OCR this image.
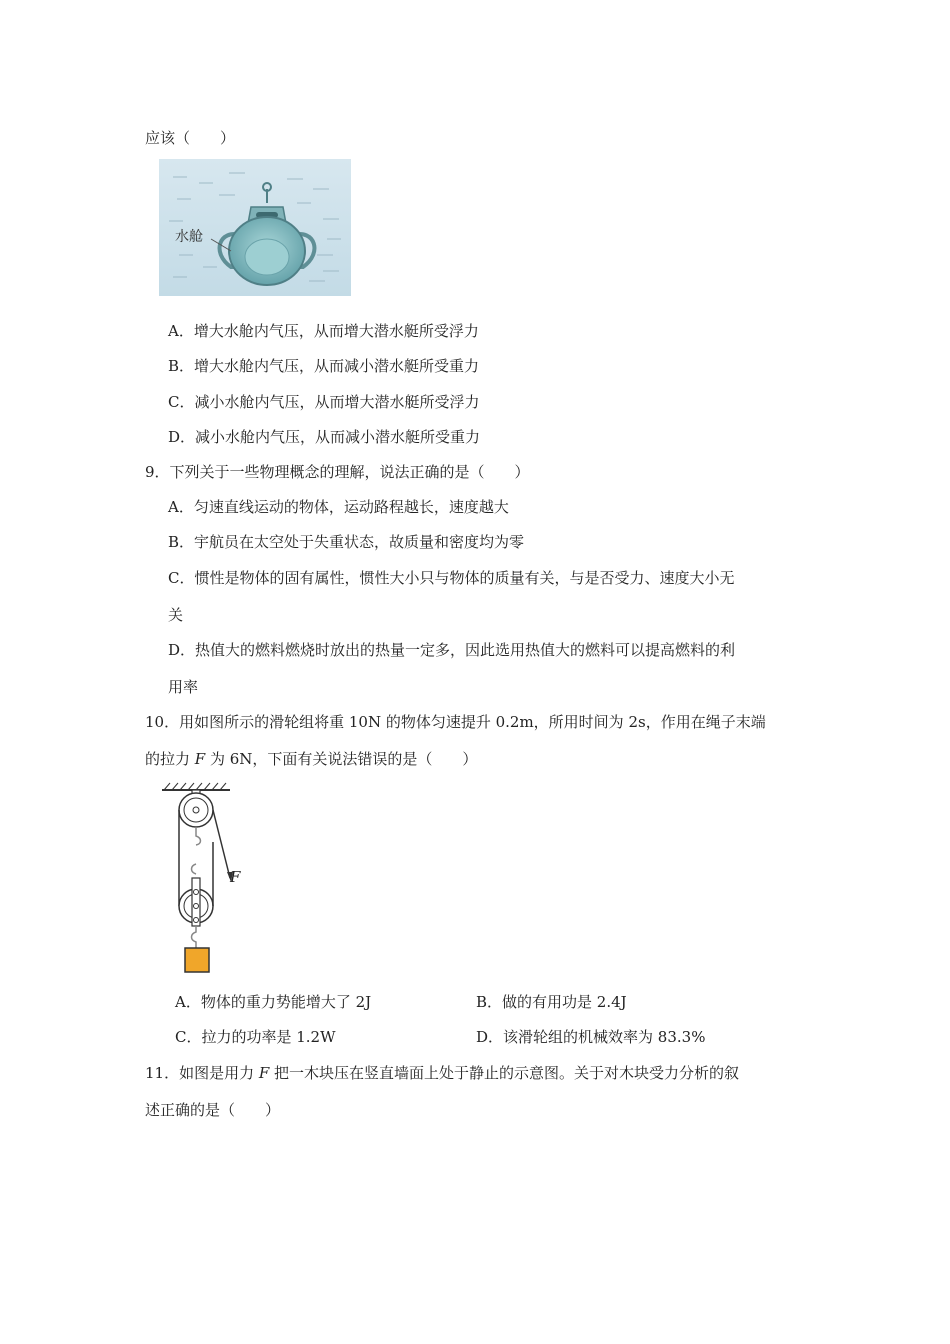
应该（　　）
水舱
A．增大水舱内气压，从而增大潜水艇所受浮力
B．增大水舱内气压，从而减小潜水艇所受重力
C．减小水舱内气压，从而增大潜水艇所受浮力
D．减小水舱内气压，从而减小潜水艇所受重力
9．下列关于一些物理概念的理解，说法正确的是（　　）
A．匀速直线运动的物体，运动路程越长，速度越大
B．宇航员在太空处于失重状态，故质量和密度均为零
C．惯性是物体的固有属性，惯性大小只与物体的质量有关，与是否受力、速度大小无
关
D．热值大的燃料燃烧时放出的热量一定多，因此选用热值大的燃料可以提高燃料的利
用率
10．用如图所示的滑轮组将重 10N 的物体匀速提升 0.2m，所用时间为 2s，作用在绳子末端
的拉力 F 为 6N，下面有关说法错误的是（　　）
F
A．物体的重力势能增大了 2J	B．做的有用功是 2.4J
C．拉力的功率是 1.2W	D．该滑轮组的机械效率为 83.3%
11．如图是用力 F 把一木块压在竖直墙面上处于静止的示意图。关于对木块受力分析的叙
述正确的是（　　）
